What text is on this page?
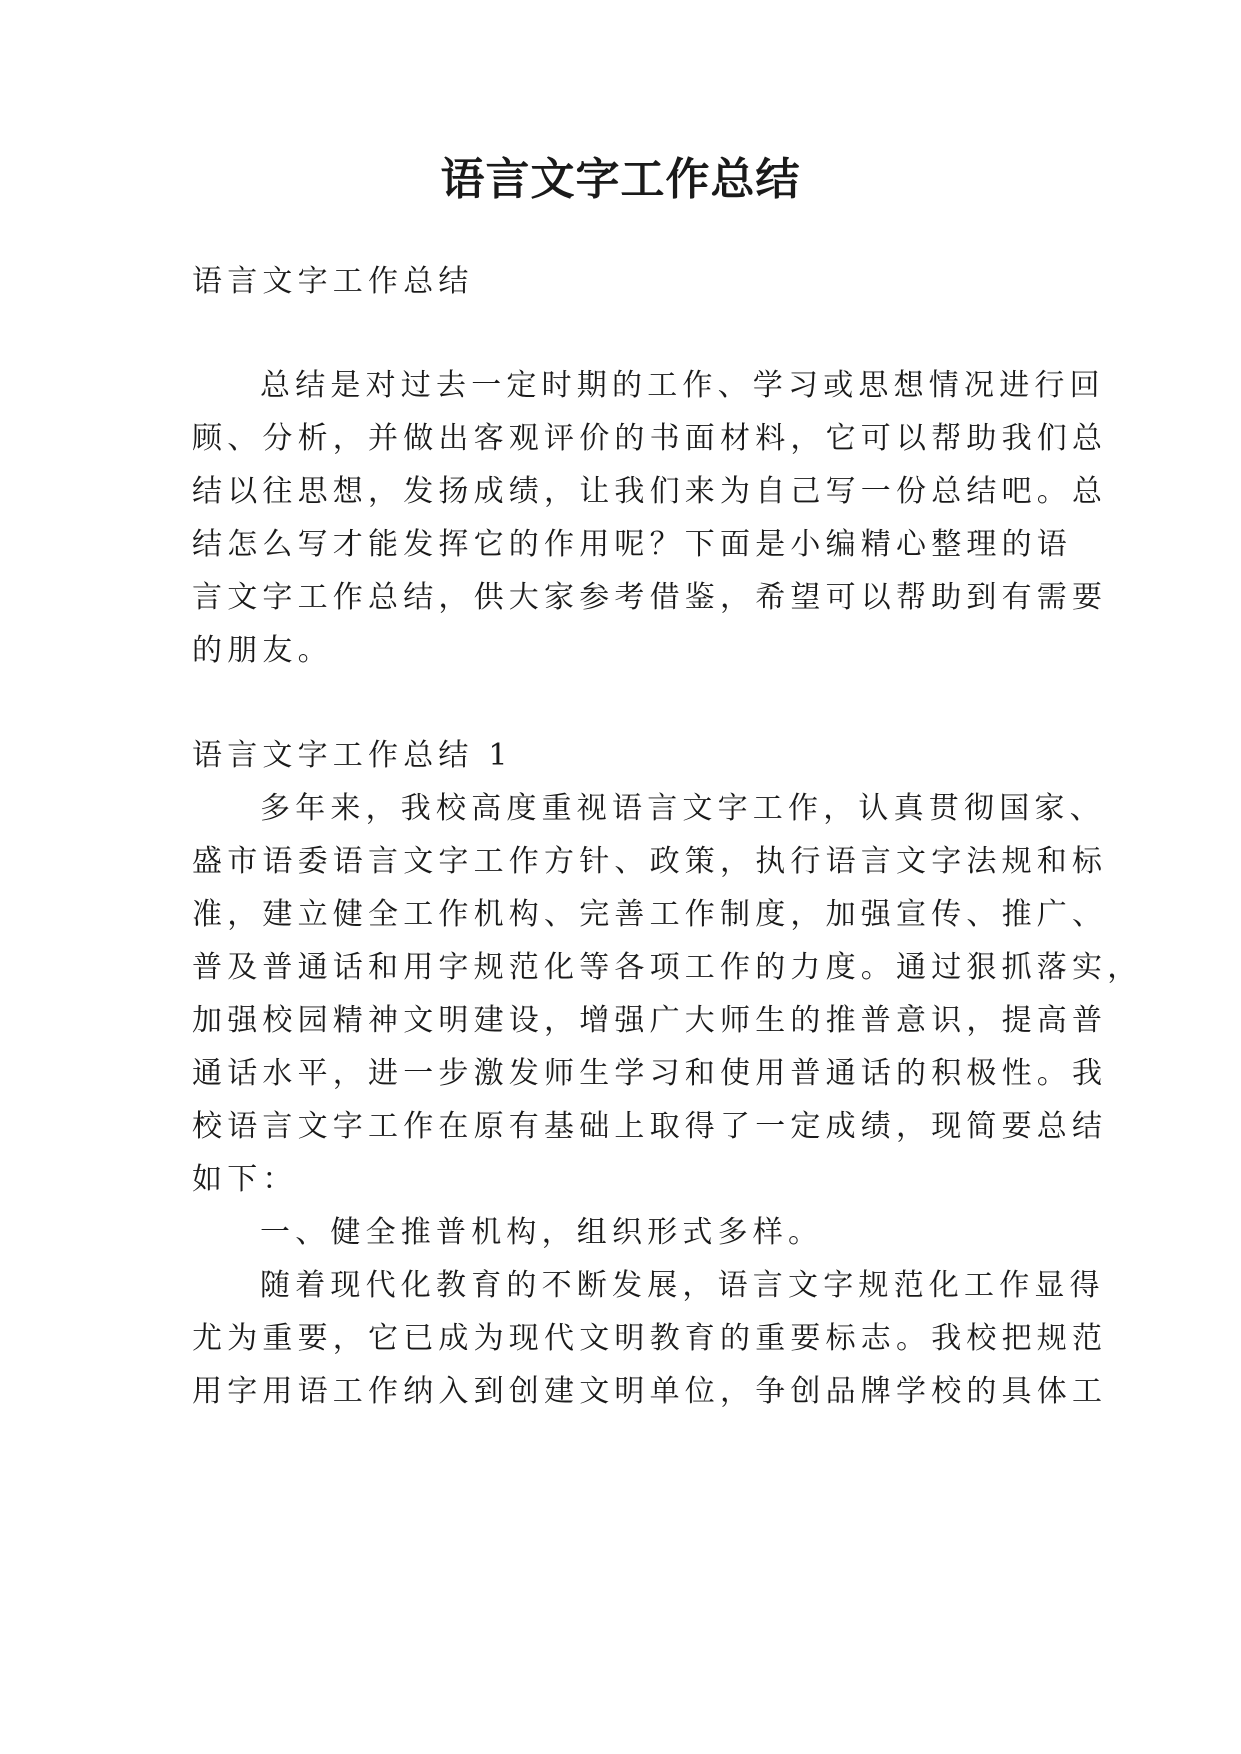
语言文字工作总结
语言文字工作总结
总结是对过去一定时期的工作、学习或思想情况进行回
顾、分析，并做出客观评价的书面材料，它可以帮助我们总
结以往思想，发扬成绩，让我们来为自己写一份总结吧。总
结怎么写才能发挥它的作用呢？下面是小编精心整理的语
言文字工作总结，供大家参考借鉴，希望可以帮助到有需要
的朋友。
语言文字工作总结 1
多年来，我校高度重视语言文字工作，认真贯彻国家、
盛市语委语言文字工作方针、政策，执行语言文字法规和标
准，建立健全工作机构、完善工作制度，加强宣传、推广、
普及普通话和用字规范化等各项工作的力度。通过狠抓落实，
加强校园精神文明建设，增强广大师生的推普意识，提高普
通话水平，进一步激发师生学习和使用普通话的积极性。我
校语言文字工作在原有基础上取得了一定成绩，现简要总结
如下：
一、健全推普机构，组织形式多样。
随着现代化教育的不断发展，语言文字规范化工作显得
尤为重要，它已成为现代文明教育的重要标志。我校把规范
用字用语工作纳入到创建文明单位，争创品牌学校的具体工
